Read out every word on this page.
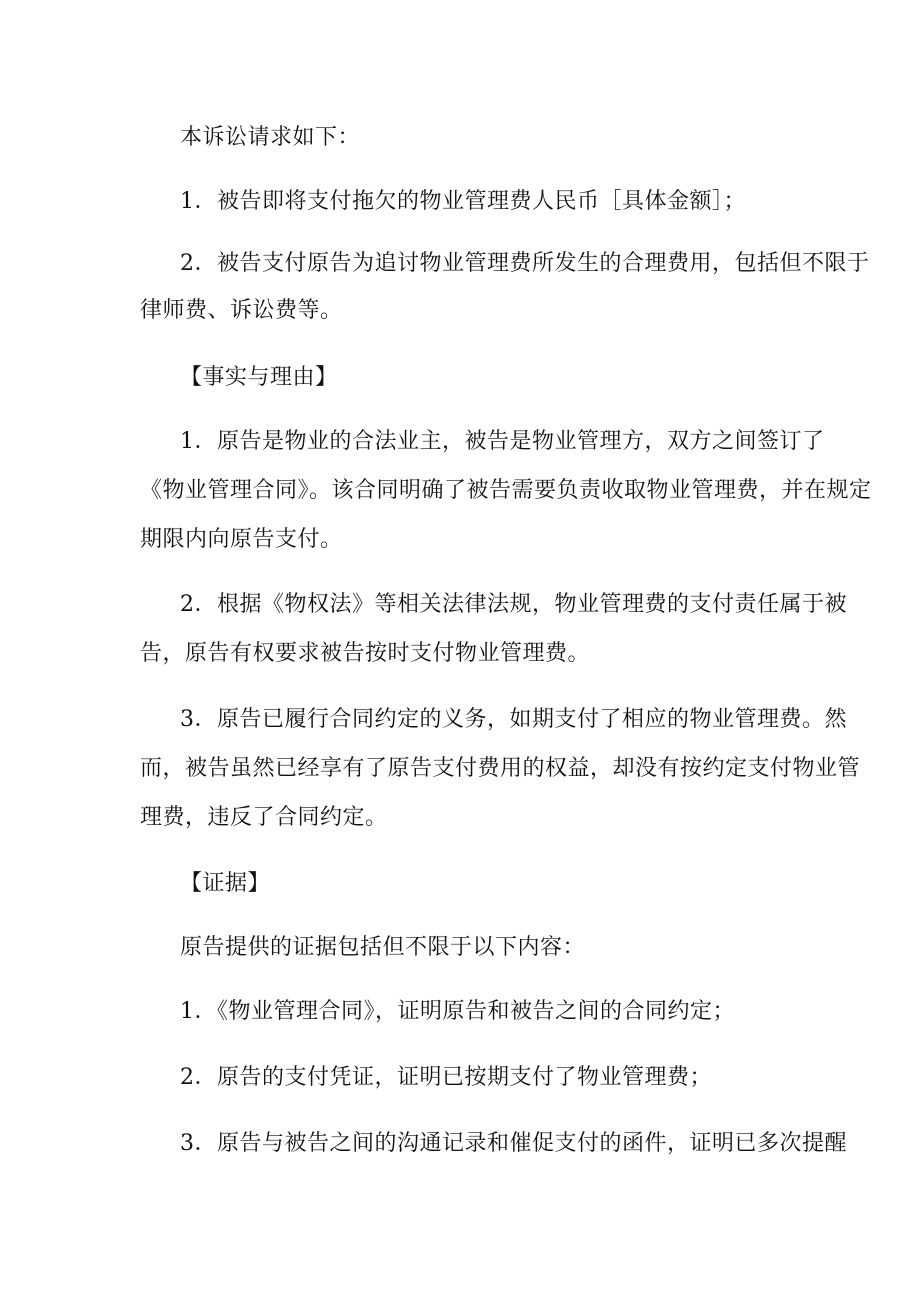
本诉讼请求如下：
1．被告即将支付拖欠的物业管理费人民币［具体金额］；
2．被告支付原告为追讨物业管理费所发生的合理费用，包括但不限于
律师费、诉讼费等。
【事实与理由】
1．原告是物业的合法业主，被告是物业管理方，双方之间签订了
《物业管理合同》。该合同明确了被告需要负责收取物业管理费，并在规定
期限内向原告支付。
2．根据《物权法》等相关法律法规，物业管理费的支付责任属于被
告，原告有权要求被告按时支付物业管理费。
3．原告已履行合同约定的义务，如期支付了相应的物业管理费。然
而，被告虽然已经享有了原告支付费用的权益，却没有按约定支付物业管
理费，违反了合同约定。
【证据】
原告提供的证据包括但不限于以下内容：
1．《物业管理合同》，证明原告和被告之间的合同约定；
2．原告的支付凭证，证明已按期支付了物业管理费；
3．原告与被告之间的沟通记录和催促支付的函件，证明已多次提醒
